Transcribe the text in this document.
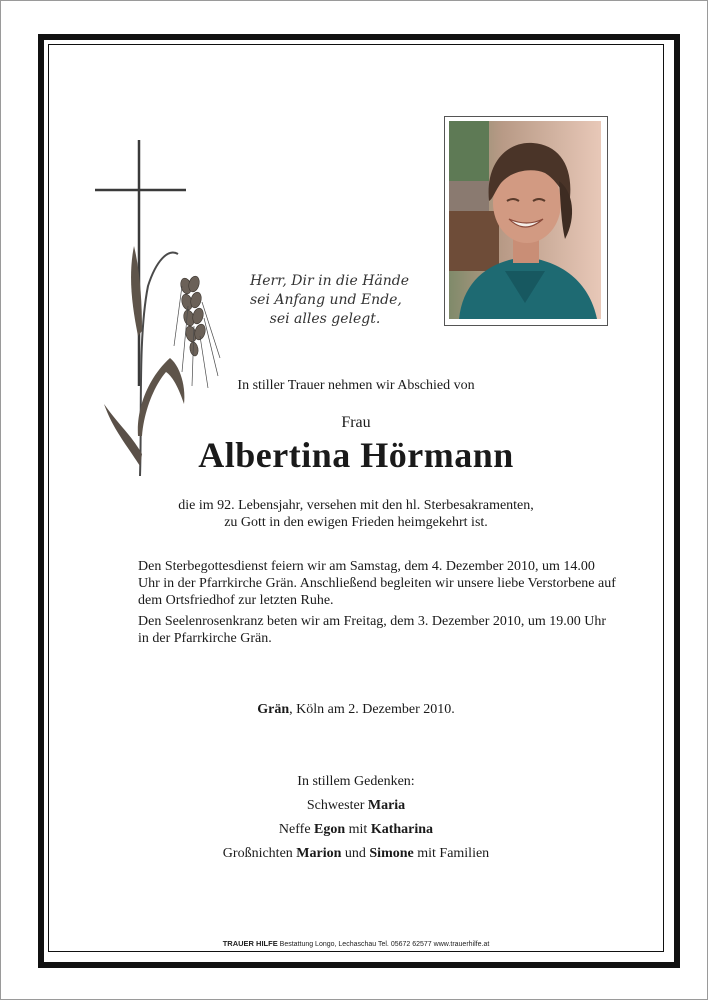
Herr, Dir in die Hände
sei Anfang und Ende,
sei alles gelegt.
In stiller Trauer nehmen wir Abschied von
Frau
Albertina Hörmann
die im 92. Lebensjahr, versehen mit den hl. Sterbesakramenten,
zu Gott in den ewigen Frieden heimgekehrt ist.
Den Sterbegottesdienst feiern wir am Samstag, dem 4. Dezember 2010, um 14.00
Uhr in der Pfarrkirche Grän. Anschließend begleiten wir unsere liebe Verstorbene auf
dem Ortsfriedhof zur letzten Ruhe.
Den Seelenrosenkranz beten wir am Freitag, dem 3. Dezember 2010, um 19.00 Uhr
in der Pfarrkirche Grän.
Grän, Köln am 2. Dezember 2010.
In stillem Gedenken:
Schwester Maria
Neffe Egon mit Katharina
Großnichten Marion und Simone mit Familien
TRAUER HILFE Bestattung Longo, Lechaschau Tel. 05672 62577 www.trauerhilfe.at
